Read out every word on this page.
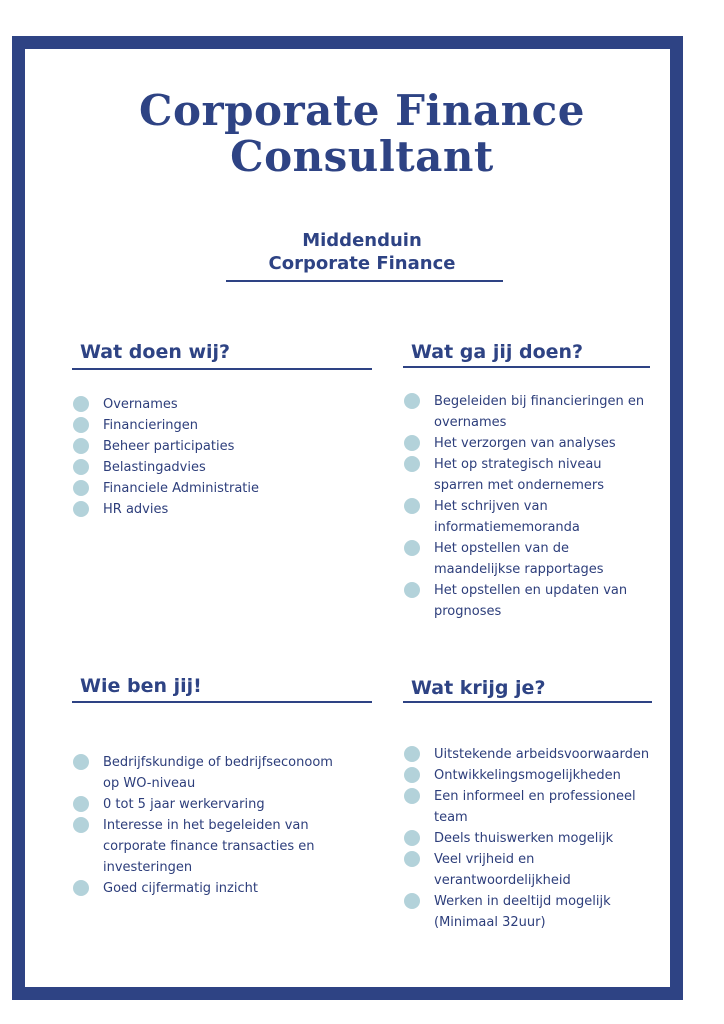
Corporate Finance
Consultant
Middenduin
Corporate Finance
Wat doen wij?
Overnames
Financieringen
Beheer participaties
Belastingadvies
Financiele Administratie
HR advies
Wat ga jij doen?
Begeleiden bij financieringen en overnames
Het verzorgen van analyses
Het op strategisch niveau sparren met ondernemers
Het schrijven van informatiememoranda
Het opstellen van de maandelijkse rapportages
Het opstellen en updaten van prognoses
Wie ben jij!
Bedrijfskundige of bedrijfseconoom op WO-niveau
0 tot 5 jaar werkervaring
Interesse in het begeleiden van corporate finance transacties en investeringen
Goed cijfermatig inzicht
Wat krijg je?
Uitstekende arbeidsvoorwaarden
Ontwikkelingsmogelijkheden
Een informeel en professioneel team
Deels thuiswerken mogelijk
Veel vrijheid en verantwoordelijkheid
Werken in deeltijd mogelijk (Minimaal 32uur)
